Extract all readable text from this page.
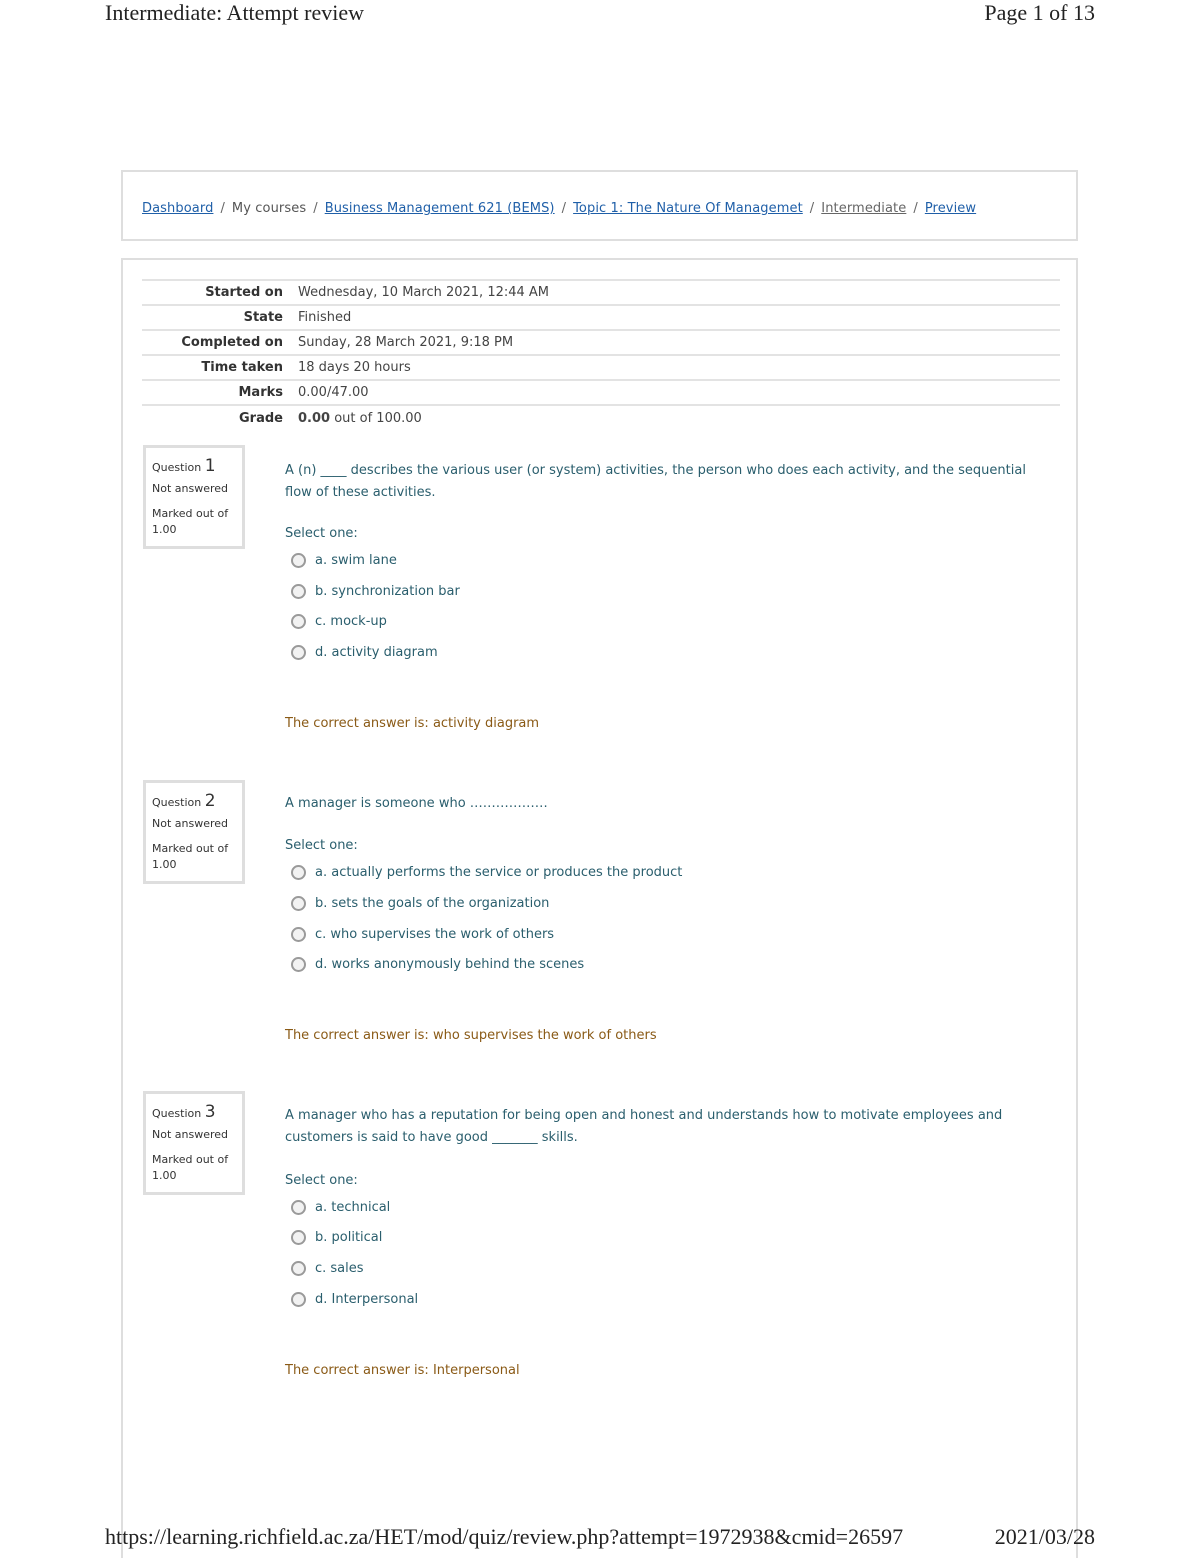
Intermediate: Attempt review	Page 1 of 13
Dashboard / My courses / Business Management 621 (BEMS) / Topic 1: The Nature Of Managemet / Intermediate / Preview
Started on	Wednesday, 10 March 2021, 12:44 AM
State	Finished
Completed on	Sunday, 28 March 2021, 9:18 PM
Time taken	18 days 20 hours
Marks	0.00/47.00
Grade	0.00 out of 100.00
Question 1
Not answered
Marked out of
1.00
A (n) ____ describes the various user (or system) activities, the person who does each activity, and the sequential flow of these activities.
Select one:
a. swim lane
b. synchronization bar
c. mock-up
d. activity diagram
The correct answer is: activity diagram
Question 2
Not answered
Marked out of
1.00
A manager is someone who ………………
Select one:
a. actually performs the service or produces the product
b. sets the goals of the organization
c. who supervises the work of others
d. works anonymously behind the scenes
The correct answer is: who supervises the work of others
Question 3
Not answered
Marked out of
1.00
A manager who has a reputation for being open and honest and understands how to motivate employees and customers is said to have good _______ skills.
Select one:
a. technical
b. political
c. sales
d. Interpersonal
The correct answer is: Interpersonal
https://learning.richfield.ac.za/HET/mod/quiz/review.php?attempt=1972938&cmid=26597	2021/03/28
